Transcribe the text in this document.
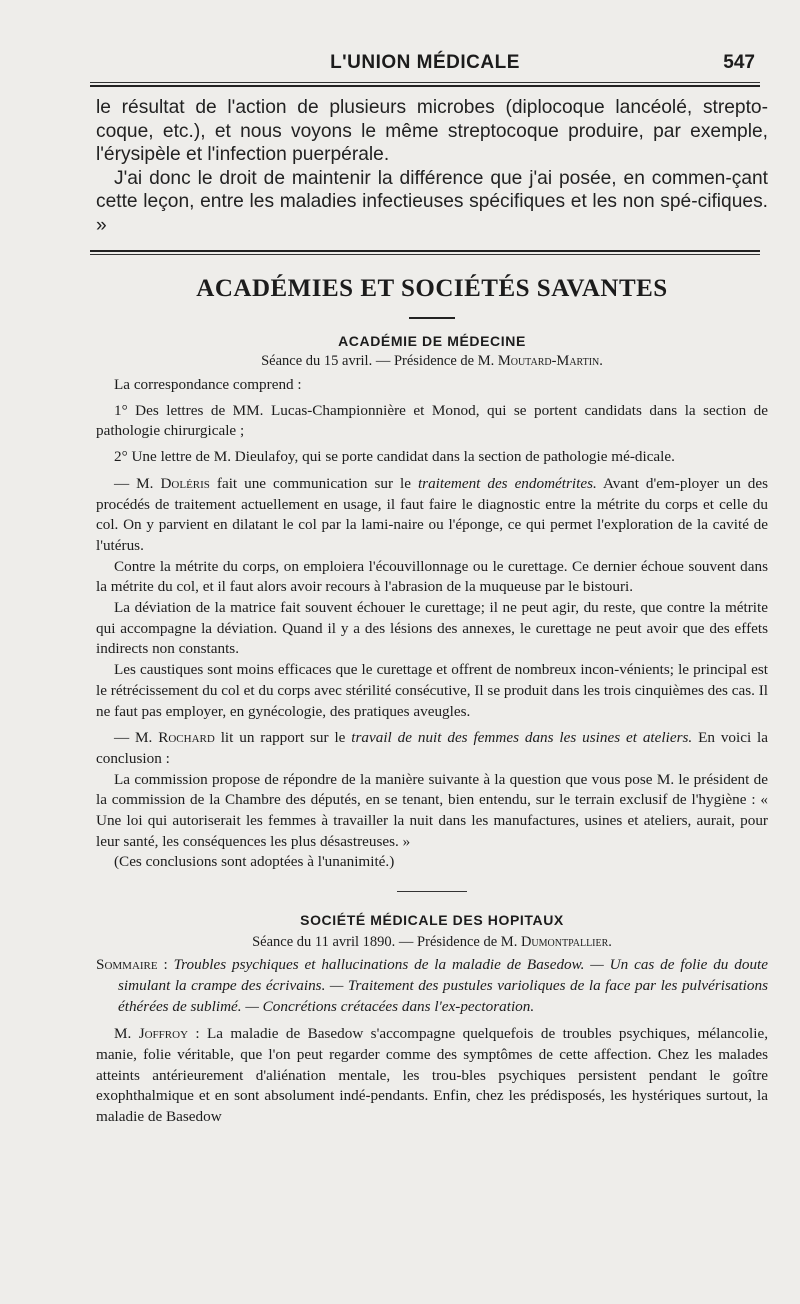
L'UNION MÉDICALE	547

le résultat de l'action de plusieurs microbes (diplocoque lancéolé, strepto-coque, etc.), et nous voyons le même streptocoque produire, par exemple, l'érysipèle et l'infection puerpérale.

J'ai donc le droit de maintenir la différence que j'ai posée, en commen-çant cette leçon, entre les maladies infectieuses spécifiques et les non spé-cifiques. »

ACADÉMIES ET SOCIÉTÉS SAVANTES
ACADÉMIE DE MÉDECINE
Séance du 15 avril. — Présidence de M. Moutard-Martin.

La correspondance comprend :

1° Des lettres de MM. Lucas-Championnière et Monod, qui se portent candidats dans la section de pathologie chirurgicale ;

2° Une lettre de M. Dieulafoy, qui se porte candidat dans la section de pathologie mé-dicale.

— M. Doléris fait une communication sur le traitement des endométrites. Avant d'em-ployer un des procédés de traitement actuellement en usage, il faut faire le diagnostic entre la métrite du corps et celle du col. On y parvient en dilatant le col par la lami-naire ou l'éponge, ce qui permet l'exploration de la cavité de l'utérus.

Contre la métrite du corps, on emploiera l'écouvillonnage ou le curettage. Ce dernier échoue souvent dans la métrite du col, et il faut alors avoir recours à l'abrasion de la muqueuse par le bistouri.

La déviation de la matrice fait souvent échouer le curettage; il ne peut agir, du reste, que contre la métrite qui accompagne la déviation. Quand il y a des lésions des annexes, le curettage ne peut avoir que des effets indirects non constants.

Les caustiques sont moins efficaces que le curettage et offrent de nombreux incon-vénients; le principal est le rétrécissement du col et du corps avec stérilité consécutive, Il se produit dans les trois cinquièmes des cas. Il ne faut pas employer, en gynécologie, des pratiques aveugles.

— M. Rochard lit un rapport sur le travail de nuit des femmes dans les usines et ateliers. En voici la conclusion :

La commission propose de répondre de la manière suivante à la question que vous pose M. le président de la commission de la Chambre des députés, en se tenant, bien entendu, sur le terrain exclusif de l'hygiène : « Une loi qui autoriserait les femmes à travailler la nuit dans les manufactures, usines et ateliers, aurait, pour leur santé, les conséquences les plus désastreuses. »

(Ces conclusions sont adoptées à l'unanimité.)

SOCIÉTÉ MÉDICALE DES HOPITAUX
Séance du 11 avril 1890. — Présidence de M. Dumontpallier.

Sommaire : Troubles psychiques et hallucinations de la maladie de Basedow. — Un cas de folie du doute simulant la crampe des écrivains. — Traitement des pustules varioliques de la face par les pulvérisations éthérées de sublimé. — Concrétions crétacées dans l'ex-pectoration.

M. Joffroy : La maladie de Basedow s'accompagne quelquefois de troubles psychiques, mélancolie, manie, folie véritable, que l'on peut regarder comme des symptômes de cette affection. Chez les malades atteints antérieurement d'aliénation mentale, les trou-bles psychiques persistent pendant le goître exophthalmique et en sont absolument indé-pendants. Enfin, chez les prédisposés, les hystériques surtout, la maladie de Basedow
